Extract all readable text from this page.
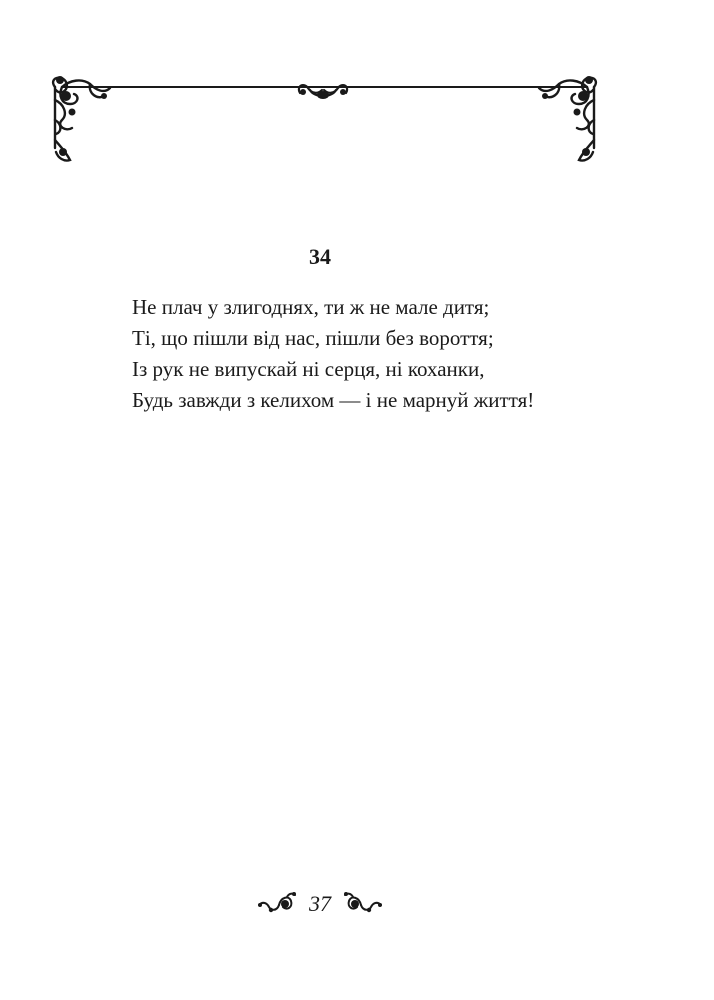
34
Не плач у злигоднях, ти ж не мале дитя;
Ті, що пішли від нас, пішли без вороття;
Із рук не випускай ні серця, ні коханки,
Будь завжди з келихом — і не марнуй життя!
37
